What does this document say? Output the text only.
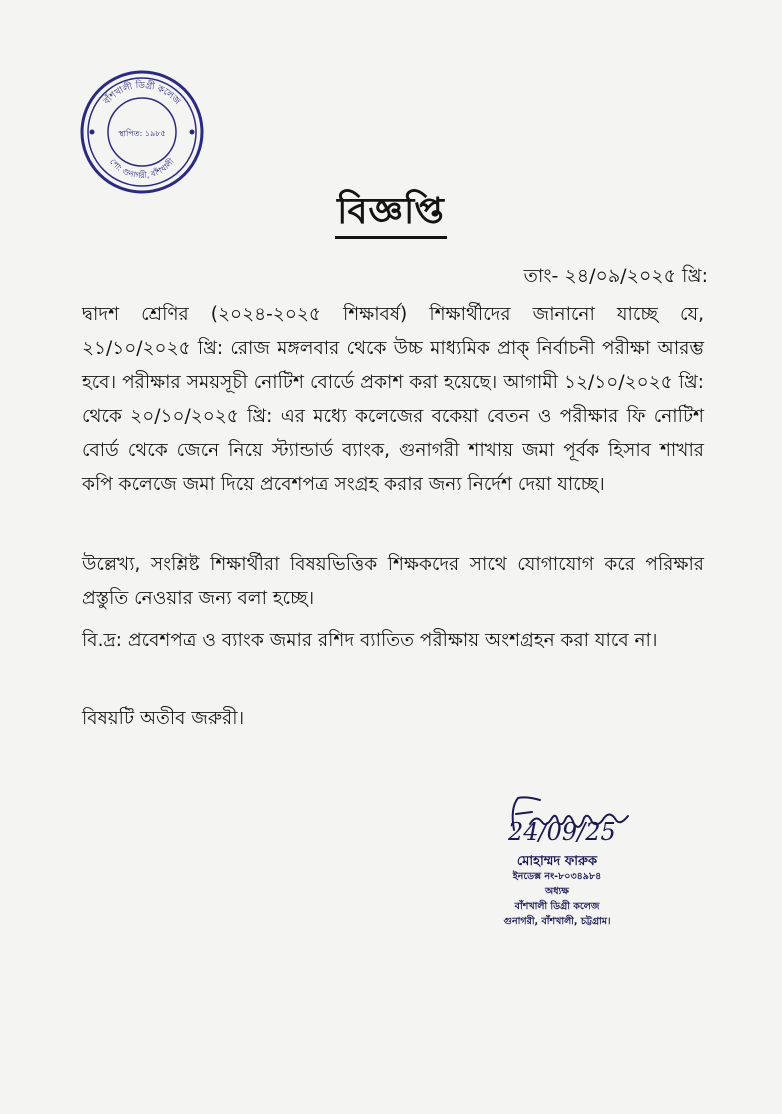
বাঁশখালী ডিগ্রী কলেজ
পো: গুনাগরী, বাঁশখালী
স্থাপিত: ১৯৮৫
বিজ্ঞপ্তি
তাং- ২৪/০৯/২০২৫ খ্রি:

দ্বাদশ শ্রেণির (২০২৪-২০২৫ শিক্ষাবর্ষ) শিক্ষার্থীদের জানানো যাচ্ছে যে, ২১/১০/২০২৫ খ্রি: রোজ মঙ্গলবার থেকে উচ্চ মাধ্যমিক প্রাক্ নির্বাচনী পরীক্ষা আরম্ভ হবে। পরীক্ষার সময়সূচী নোটিশ বোর্ডে প্রকাশ করা হয়েছে। আগামী ১২/১০/২০২৫ খ্রি: থেকে ২০/১০/২০২৫ খ্রি: এর মধ্যে কলেজের বকেয়া বেতন ও পরীক্ষার ফি নোটিশ বোর্ড থেকে জেনে নিয়ে স্ট্যান্ডার্ড ব্যাংক, গুনাগরী শাখায় জমা পূর্বক হিসাব শাখার কপি কলেজে জমা দিয়ে প্রবেশপত্র সংগ্রহ করার জন্য নির্দেশ দেয়া যাচ্ছে।

উল্লেখ্য, সংশ্লিষ্ট শিক্ষার্থীরা বিষয়ভিত্তিক শিক্ষকদের সাথে যোগাযোগ করে পরিক্ষার প্রস্তুতি নেওয়ার জন্য বলা হচ্ছে।

বি.দ্র: প্রবেশপত্র ও ব্যাংক জমার রশিদ ব্যাতিত পরীক্ষায় অংশগ্রহন করা যাবে না।

বিষয়টি অতীব জরুরী।

24/09/25
মোহাম্মদ ফারুক
ইনডেক্স নং-৮০৩৪৯৮৪
অধ্যক্ষ
বাঁশখালী ডিগ্রী কলেজ
গুনাগরী, বাঁশখালী, চট্টগ্রাম।
